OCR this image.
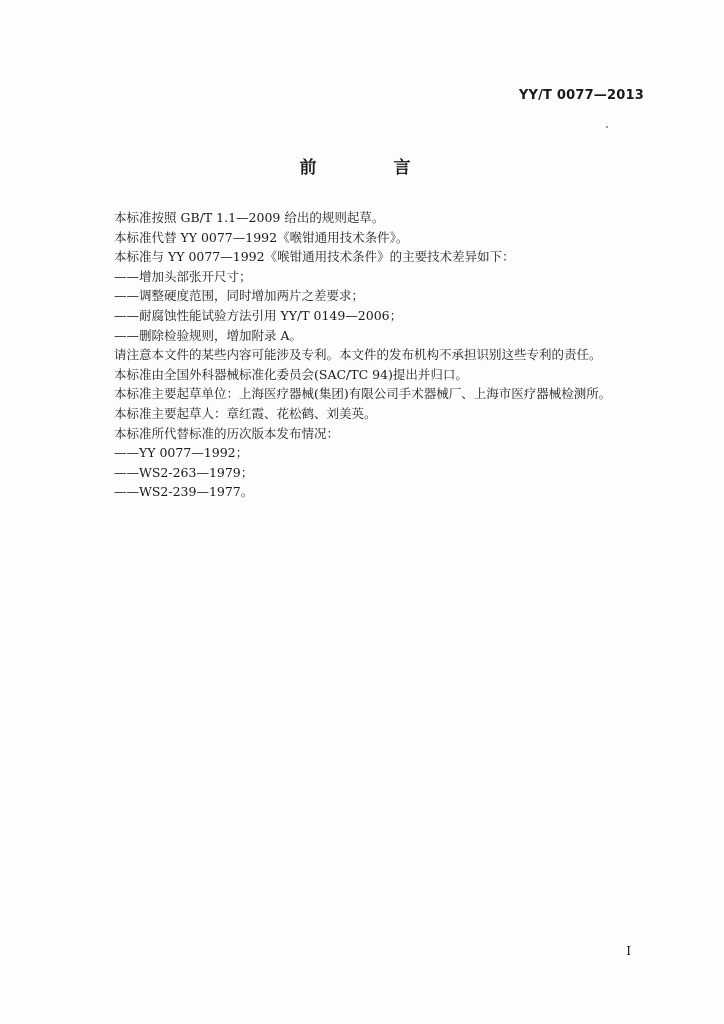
YY/T 0077—2013
前　言
本标准按照 GB/T 1.1—2009 给出的规则起草。
本标准代替 YY 0077—1992《喉钳通用技术条件》。
本标准与 YY 0077—1992《喉钳通用技术条件》的主要技术差异如下：
——增加头部张开尺寸；
——调整硬度范围，同时增加两片之差要求；
——耐腐蚀性能试验方法引用 YY/T 0149—2006；
——删除检验规则，增加附录 A。
请注意本文件的某些内容可能涉及专利。本文件的发布机构不承担识别这些专利的责任。
本标准由全国外科器械标准化委员会(SAC/TC 94)提出并归口。
本标准主要起草单位：上海医疗器械(集团)有限公司手术器械厂、上海市医疗器械检测所。
本标准主要起草人：章红霞、花松鹤、刘美英。
本标准所代替标准的历次版本发布情况：
——YY 0077—1992；
——WS2-263—1979；
——WS2-239—1977。
I
